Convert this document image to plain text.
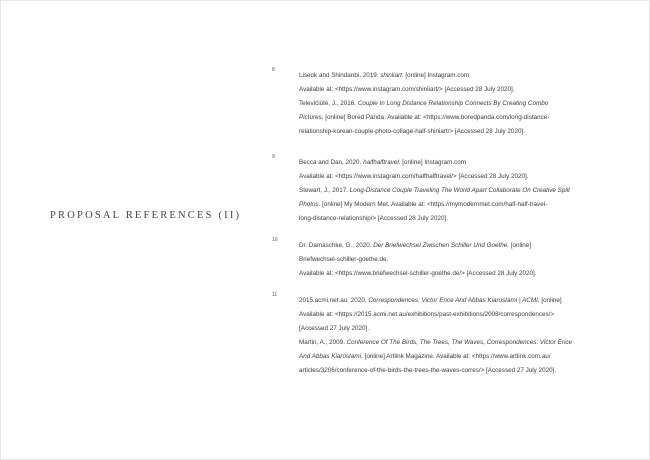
PROPOSAL REFERENCES (II)
8
Liseok and Shindanbi, 2019. shinliart. [online] Instagram.com
Available at: <https://www.instagram.com/shinliart/> [Accessed 28 July 2020].
Televičiūtė, J., 2016. Couple In Long Distance Relationship Connects By Creating Combo
Pictures. [online] Bored Panda. Available at: <https://www.boredpanda.com/long-distance-
relationship-korean-couple-photo-collage-half-shiniart/> [Accessed 28 July 2020].
9
Becca and Dan, 2020. halfhalftravel. [online] Instagram.com
Available at: <https://www.instagram.com/halfhalftravel/> [Accessed 28 July 2020].
Stewart, J., 2017. Long-Distance Couple Traveling The World Apart Collaborate On Creative Split
Photos. [online] My Modern Met. Available at: <https://mymodernmet.com/half-half-travel-
long-distance-relationship/> [Accessed 28 July 2020].
10
Dr. Damaschke, G., 2020. Der Briefwechsel Zwischen Schiller Und Goethe. [online]
Briefwechsel-schiller-goethe.de.
Available at: <https://www.briefwechsel-schiller-goethe.de/> [Accessed 28 July 2020].
11
2015.acmi.net.au. 2020. Correspondences: Victor Erice And Abbas Kiarostami | ACMI. [online]
Available at: <https://2015.acmi.net.au/exhibitions/past-exhibitions/2008/correspondences/>
[Accessed 27 July 2020].
Martin, A., 2009. Conference Of The Birds, The Trees, The Waves, Correspondences: Victor Erice
And Abbas Kiarostami. [online] Artlink Magazine. Available at: <https://www.artlink.com.au/
articles/3206/conference-of-the-birds-the-trees-the-waves-corres/> [Accessed 27 July 2020].
